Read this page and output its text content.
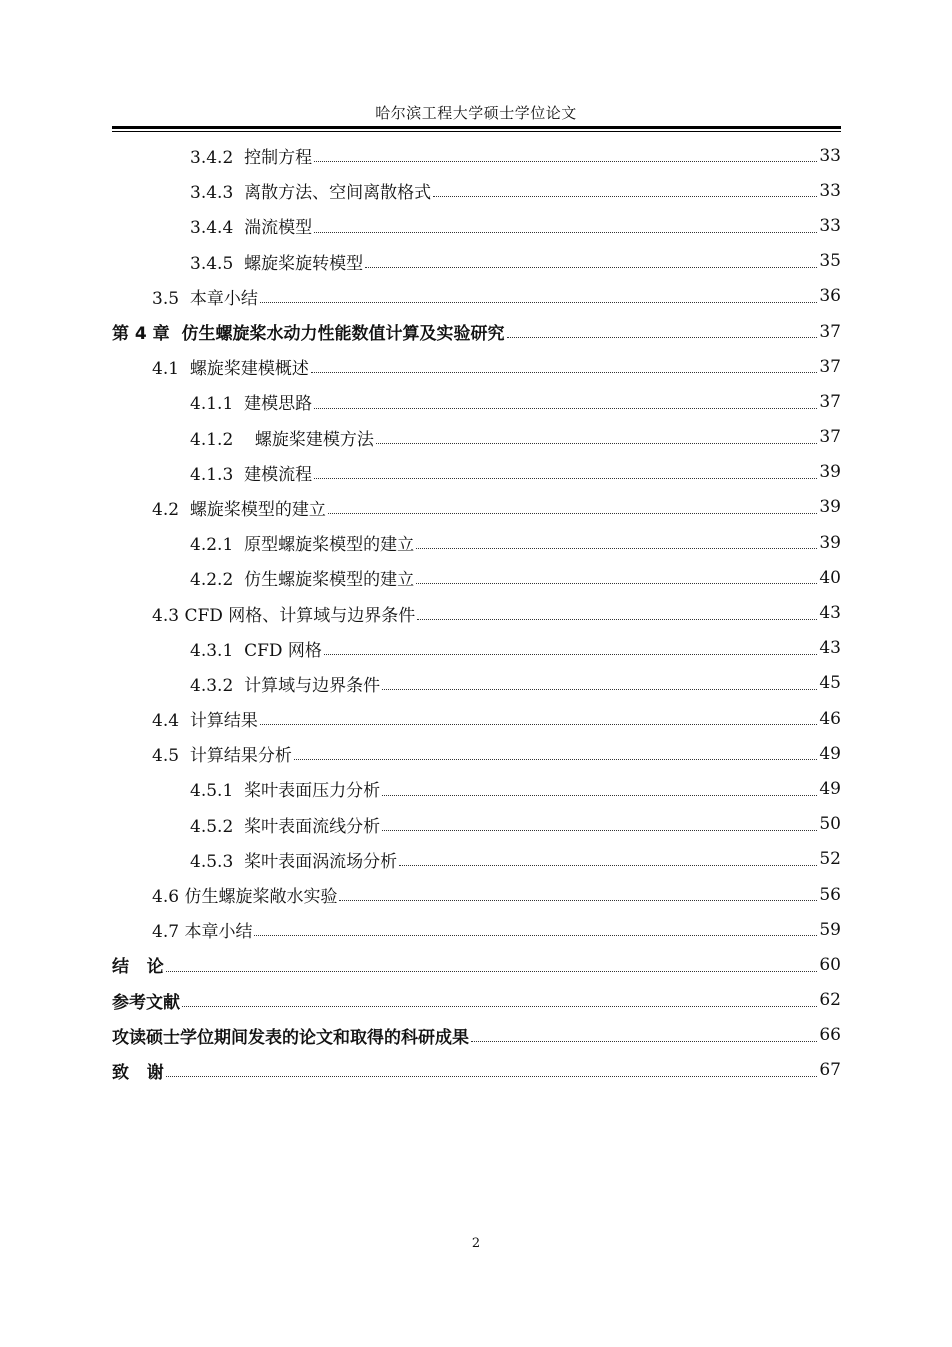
哈尔滨工程大学硕士学位论文
3.4.2  控制方程	33
3.4.3  离散方法、空间离散格式	33
3.4.4  湍流模型	33
3.4.5  螺旋桨旋转模型	35
3.5  本章小结	36
第 4 章  仿生螺旋桨水动力性能数值计算及实验研究	37
4.1  螺旋桨建模概述	37
4.1.1  建模思路	37
4.1.2    螺旋桨建模方法	37
4.1.3  建模流程	39
4.2  螺旋桨模型的建立	39
4.2.1  原型螺旋桨模型的建立	39
4.2.2  仿生螺旋桨模型的建立	40
4.3 CFD 网格、计算域与边界条件	43
4.3.1  CFD 网格	43
4.3.2  计算域与边界条件	45
4.4  计算结果	46
4.5  计算结果分析	49
4.5.1  桨叶表面压力分析	49
4.5.2  桨叶表面流线分析	50
4.5.3  桨叶表面涡流场分析	52
4.6 仿生螺旋桨敞水实验	56
4.7 本章小结	59
结   论	60
参考文献	62
攻读硕士学位期间发表的论文和取得的科研成果	66
致   谢	67
2
